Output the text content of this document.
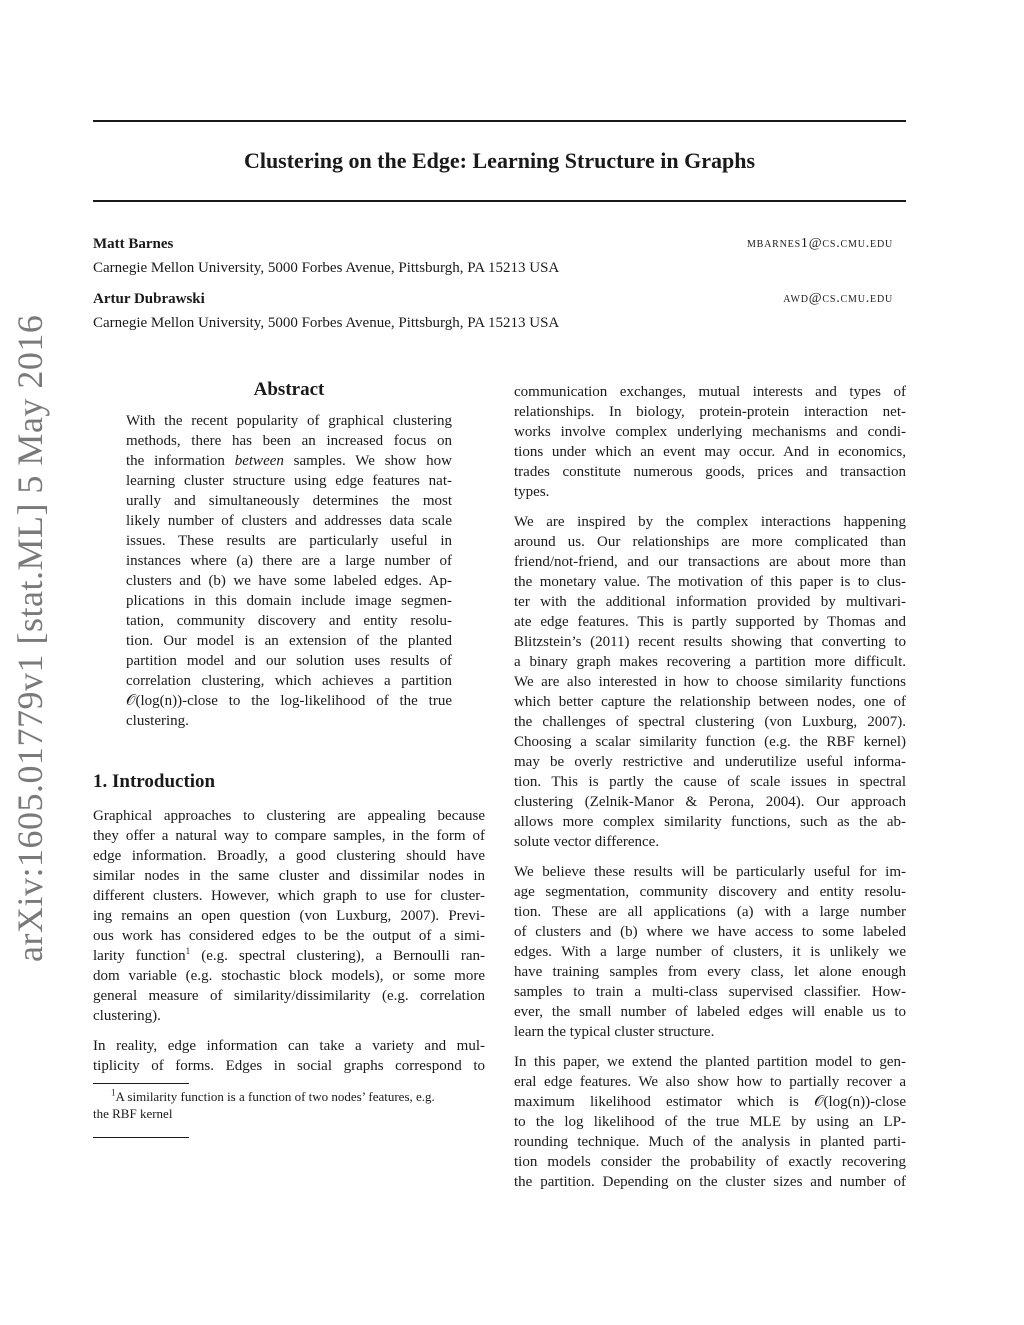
arXiv:1605.01779v1 [stat.ML] 5 May 2016
Clustering on the Edge: Learning Structure in Graphs
Matt Barnes	mbarnes1@cs.cmu.edu
Carnegie Mellon University, 5000 Forbes Avenue, Pittsburgh, PA 15213 USA
Artur Dubrawski	awd@cs.cmu.edu
Carnegie Mellon University, 5000 Forbes Avenue, Pittsburgh, PA 15213 USA
Abstract
With the recent popularity of graphical clustering
methods, there has been an increased focus on
the information between samples. We show how
learning cluster structure using edge features nat-
urally and simultaneously determines the most
likely number of clusters and addresses data scale
issues. These results are particularly useful in
instances where (a) there are a large number of
clusters and (b) we have some labeled edges. Ap-
plications in this domain include image segmen-
tation, community discovery and entity resolu-
tion. Our model is an extension of the planted
partition model and our solution uses results of
correlation clustering, which achieves a partition
𝒪(log(n))-close to the log-likelihood of the true
clustering.
1. Introduction
Graphical approaches to clustering are appealing because
they offer a natural way to compare samples, in the form of
edge information. Broadly, a good clustering should have
similar nodes in the same cluster and dissimilar nodes in
different clusters. However, which graph to use for cluster-
ing remains an open question (von Luxburg, 2007). Previ-
ous work has considered edges to be the output of a simi-
larity function$^1$ (e.g. spectral clustering), a Bernoulli ran-
dom variable (e.g. stochastic block models), or some more
general measure of similarity/dissimilarity (e.g. correlation
clustering).
In reality, edge information can take a variety and mul-
tiplicity of forms. Edges in social graphs correspond to
$^1$A similarity function is a function of two nodes’ features, e.g.
the RBF kernel
communication exchanges, mutual interests and types of
relationships. In biology, protein-protein interaction net-
works involve complex underlying mechanisms and condi-
tions under which an event may occur. And in economics,
trades constitute numerous goods, prices and transaction
types.
We are inspired by the complex interactions happening
around us. Our relationships are more complicated than
friend/not-friend, and our transactions are about more than
the monetary value. The motivation of this paper is to clus-
ter with the additional information provided by multivari-
ate edge features. This is partly supported by Thomas and
Blitzstein’s (2011) recent results showing that converting to
a binary graph makes recovering a partition more difficult.
We are also interested in how to choose similarity functions
which better capture the relationship between nodes, one of
the challenges of spectral clustering (von Luxburg, 2007).
Choosing a scalar similarity function (e.g. the RBF kernel)
may be overly restrictive and underutilize useful informa-
tion. This is partly the cause of scale issues in spectral
clustering (Zelnik-Manor & Perona, 2004). Our approach
allows more complex similarity functions, such as the ab-
solute vector difference.
We believe these results will be particularly useful for im-
age segmentation, community discovery and entity resolu-
tion. These are all applications (a) with a large number
of clusters and (b) where we have access to some labeled
edges. With a large number of clusters, it is unlikely we
have training samples from every class, let alone enough
samples to train a multi-class supervised classifier. How-
ever, the small number of labeled edges will enable us to
learn the typical cluster structure.
In this paper, we extend the planted partition model to gen-
eral edge features. We also show how to partially recover a
maximum likelihood estimator which is 𝒪(log(n))-close
to the log likelihood of the true MLE by using an LP-
rounding technique. Much of the analysis in planted parti-
tion models consider the probability of exactly recovering
the partition. Depending on the cluster sizes and number of
